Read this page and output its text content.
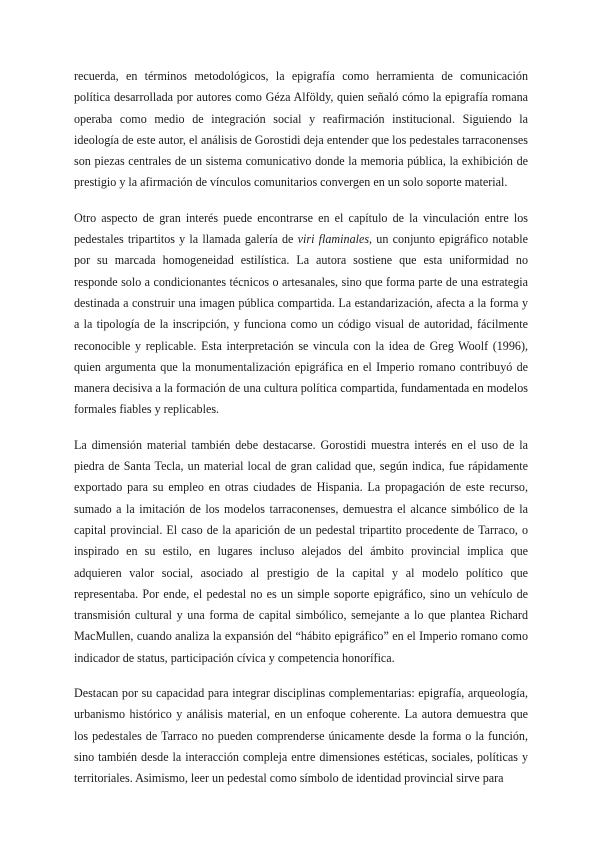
recuerda, en términos metodológicos, la epigrafía como herramienta de comunicación política desarrollada por autores como Géza Alföldy, quien señaló cómo la epigrafía romana operaba como medio de integración social y reafirmación institucional. Siguiendo la ideología de este autor, el análisis de Gorostidi deja entender que los pedestales tarraconenses son piezas centrales de un sistema comunicativo donde la memoria pública, la exhibición de prestigio y la afirmación de vínculos comunitarios convergen en un solo soporte material.

Otro aspecto de gran interés puede encontrarse en el capítulo de la vinculación entre los pedestales tripartitos y la llamada galería de viri flaminales, un conjunto epigráfico notable por su marcada homogeneidad estilística. La autora sostiene que esta uniformidad no responde solo a condicionantes técnicos o artesanales, sino que forma parte de una estrategia destinada a construir una imagen pública compartida. La estandarización, afecta a la forma y a la tipología de la inscripción, y funciona como un código visual de autoridad, fácilmente reconocible y replicable. Esta interpretación se vincula con la idea de Greg Woolf (1996), quien argumenta que la monumentalización epigráfica en el Imperio romano contribuyó de manera decisiva a la formación de una cultura política compartida, fundamentada en modelos formales fiables y replicables.

La dimensión material también debe destacarse. Gorostidi muestra interés en el uso de la piedra de Santa Tecla, un material local de gran calidad que, según indica, fue rápidamente exportado para su empleo en otras ciudades de Hispania. La propagación de este recurso, sumado a la imitación de los modelos tarraconenses, demuestra el alcance simbólico de la capital provincial. El caso de la aparición de un pedestal tripartito procedente de Tarraco, o inspirado en su estilo, en lugares incluso alejados del ámbito provincial implica que adquieren valor social, asociado al prestigio de la capital y al modelo político que representaba. Por ende, el pedestal no es un simple soporte epigráfico, sino un vehículo de transmisión cultural y una forma de capital simbólico, semejante a lo que plantea Richard MacMullen, cuando analiza la expansión del “hábito epigráfico” en el Imperio romano como indicador de status, participación cívica y competencia honorífica.

Destacan por su capacidad para integrar disciplinas complementarias: epigrafía, arqueología, urbanismo histórico y análisis material, en un enfoque coherente. La autora demuestra que los pedestales de Tarraco no pueden comprenderse únicamente desde la forma o la función, sino también desde la interacción compleja entre dimensiones estéticas, sociales, políticas y territoriales. Asimismo, leer un pedestal como símbolo de identidad provincial sirve para
